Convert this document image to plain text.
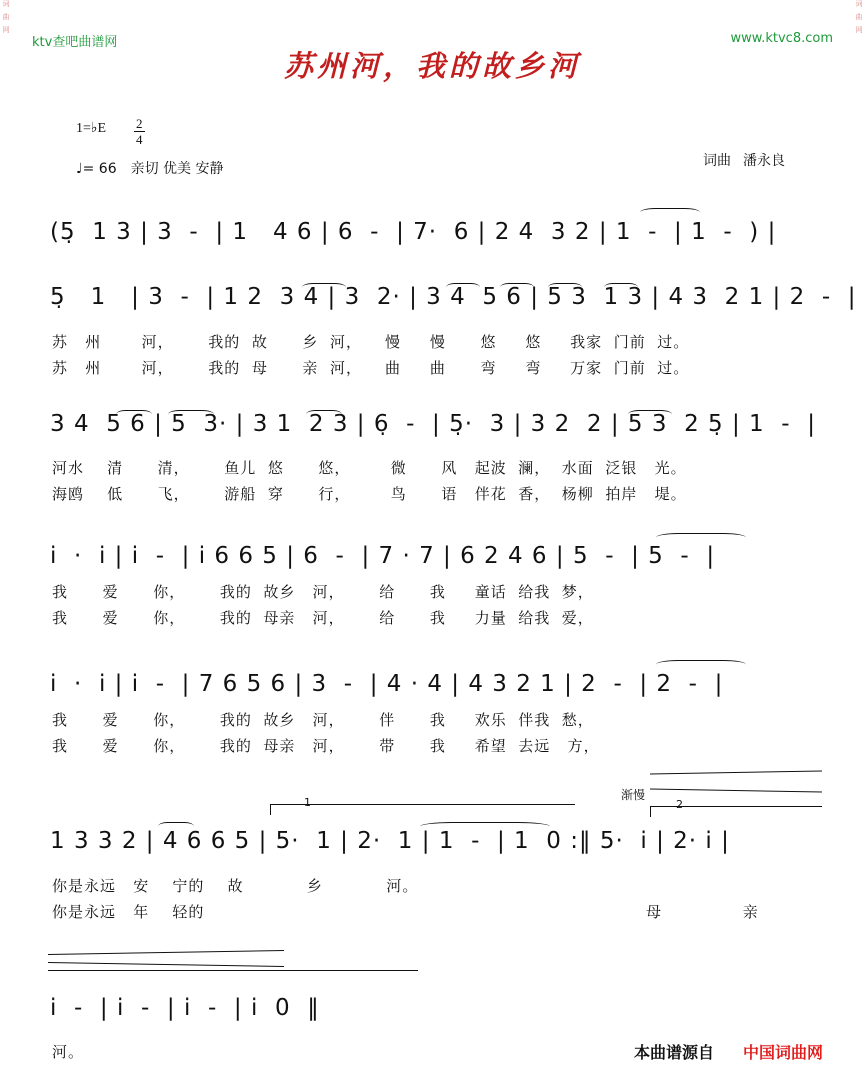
词
曲
网
词
曲
网
ktv查吧曲谱网	www.ktvc8.com
苏州河，我的故乡河
1=♭E 2
4
♩= 66 亲切 优美 安静	词曲 潘永良
(5̣  1 3 | 3  -  | 1   4 6 | 6  -  | 7·  6 | 2 4  3 2 | 1  -  | 1  -  ) |
5̣   1   | 3  -  | 1 2  3 4 | 3  2· | 3 4  5 6 | 5 3  1 3 | 4 3  2 1 | 2  -  |
苏   州       河，      我的  故      乡  河，    慢     慢      悠     悠     我家  门前  过。
苏   州       河，      我的  母      亲  河，    曲     曲      弯     弯     万家  门前  过。
3 4  5 6 | 5  3· | 3 1  2 3 | 6̣  -  | 5̣·  3 | 3 2  2 | 5 3  2 5̣ | 1  -  |
河水    清      清，      鱼儿  悠      悠，       微      风   起波  澜，  水面  泛银   光。
海鸥    低      飞，      游船  穿      行，       鸟      语   伴花  香，  杨柳  拍岸   堤。
i  ·  i | i  -  | i 6 6 5 | 6  -  | 7 · 7 | 6 2 4 6 | 5  -  | 5  -  |
我      爱      你，      我的  故乡   河，      给      我     童话  给我  梦，
我      爱      你，      我的  母亲   河，      给      我     力量  给我  爱，
i  ·  i | i  -  | 7 6 5 6 | 3  -  | 4 · 4 | 4 3 2 1 | 2  -  | 2  -  |
我      爱      你，      我的  故乡   河，      伴      我     欢乐  伴我  愁，
我      爱      你，      我的  母亲   河，      带      我     希望  去远   方，
渐慢
1	2
1 3 3 2 | 4 6 6 5 | 5·  1 | 2·  1 | 1  -  | 1  0 :‖ 5·  i | 2· i |
你是永远   安    宁的    故           乡           河。
你是永远   年    轻的	母              亲
i  -  | i  -  | i  -  | i  0  ‖
河。	本曲谱源自 中国词曲网
